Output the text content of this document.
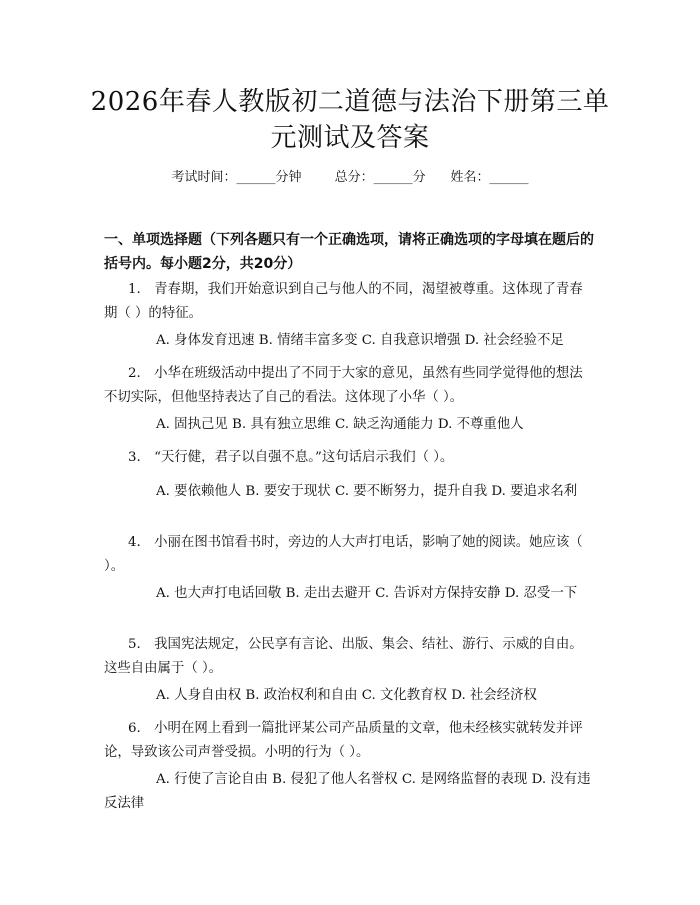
2026年春人教版初二道德与法治下册第三单元测试及答案
考试时间：______分钟	总分：______分 姓名：______
一、单项选择题（下列各题只有一个正确选项，请将正确选项的字母填在题后的括号内。每小题2分，共20分）

1.　青春期，我们开始意识到自己与他人的不同，渴望被尊重。这体现了青春期（ ）的特征。

A. 身体发育迅速 B. 情绪丰富多变 C. 自我意识增强 D. 社会经验不足

2.　小华在班级活动中提出了不同于大家的意见，虽然有些同学觉得他的想法不切实际，但他坚持表达了自己的看法。这体现了小华（ ）。

A. 固执己见 B. 具有独立思维 C. 缺乏沟通能力 D. 不尊重他人

3.　“天行健，君子以自强不息。”这句话启示我们（ ）。

A. 要依赖他人 B. 要安于现状 C. 要不断努力，提升自我 D. 要追求名利

4.　小丽在图书馆看书时，旁边的人大声打电话，影响了她的阅读。她应该（ ）。

A. 也大声打电话回敬 B. 走出去避开 C. 告诉对方保持安静 D. 忍受一下

5.　我国宪法规定，公民享有言论、出版、集会、结社、游行、示威的自由。这些自由属于（ ）。

A. 人身自由权 B. 政治权利和自由 C. 文化教育权 D. 社会经济权

6.　小明在网上看到一篇批评某公司产品质量的文章，他未经核实就转发并评论，导致该公司声誉受损。小明的行为（ ）。

A. 行使了言论自由 B. 侵犯了他人名誉权 C. 是网络监督的表现 D. 没有违反法律
